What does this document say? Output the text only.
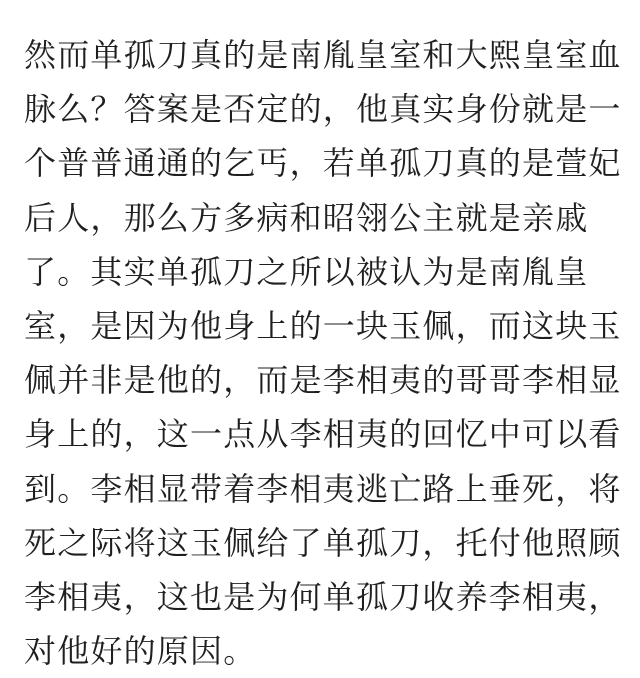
然而单孤刀真的是南胤皇室和大熙皇室血
脉么？答案是否定的，他真实身份就是一
个普普通通的乞丐，若单孤刀真的是萱妃
后人，那么方多病和昭翎公主就是亲戚
了。其实单孤刀之所以被认为是南胤皇
室，是因为他身上的一块玉佩，而这块玉
佩并非是他的，而是李相夷的哥哥李相显
身上的，这一点从李相夷的回忆中可以看
到。李相显带着李相夷逃亡路上垂死，将
死之际将这玉佩给了单孤刀，托付他照顾
李相夷，这也是为何单孤刀收养李相夷，
对他好的原因。
